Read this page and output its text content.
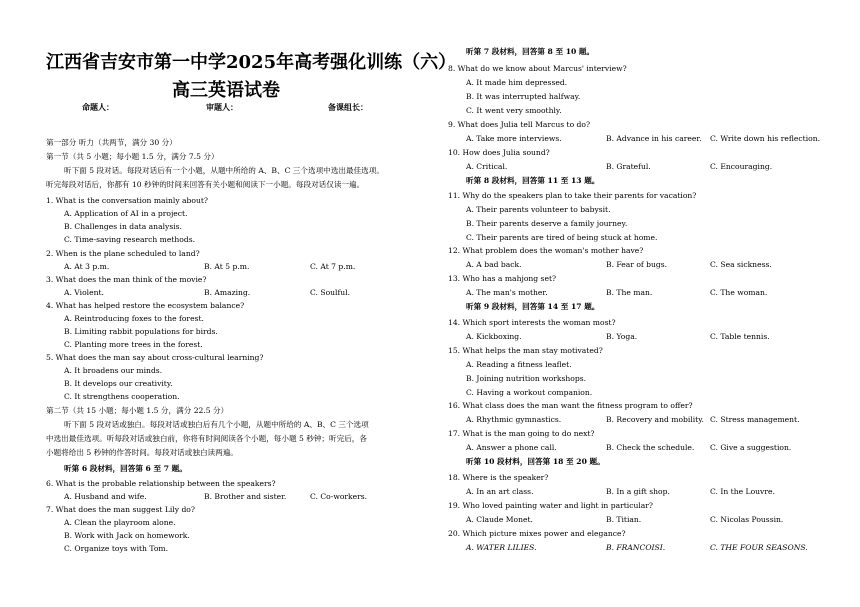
江西省吉安市第一中学2025年高考强化训练（六）
高三英语试卷
命题人：	审题人：	备课组长：
第一部分 听力（共两节，满分 30 分）
第一节（共 5 小题；每小题 1.5 分，满分 7.5 分）
听下面 5 段对话。每段对话后有一个小题，从题中所给的 A、B、C 三个选项中选出最佳选项。
听完每段对话后，你都有 10 秒钟的时间来回答有关小题和阅读下一小题。每段对话仅读一遍。
1. What is the conversation mainly about?
A. Application of AI in a project.
B. Challenges in data analysis.
C. Time-saving research methods.
2. When is the plane scheduled to land?
A. At 3 p.m.	B. At 5 p.m.	C. At 7 p.m.
3. What does the man think of the movie?
A. Violent.	B. Amazing.	C. Soulful.
4. What has helped restore the ecosystem balance?
A. Reintroducing foxes to the forest.
B. Limiting rabbit populations for birds.
C. Planting more trees in the forest.
5. What does the man say about cross-cultural learning?
A. It broadens our minds.
B. It develops our creativity.
C. It strengthens cooperation.
第二节（共 15 小题；每小题 1.5 分，满分 22.5 分）
听下面 5 段对话或独白。每段对话或独白后有几个小题，从题中所给的 A、B、C 三个选项
中选出最佳选项。听每段对话或独白前，你将有时间阅读各个小题，每小题 5 秒钟；听完后，各
小题将给出 5 秒钟的作答时间。每段对话或独白读两遍。
听第 6 段材料，回答第 6 至 7 题。
6. What is the probable relationship between the speakers?
A. Husband and wife.	B. Brother and sister.	C. Co-workers.
7. What does the man suggest Lily do?
A. Clean the playroom alone.
B. Work with Jack on homework.
C. Organize toys with Tom.
听第 7 段材料，回答第 8 至 10 题。
8. What do we know about Marcus' interview?
A. It made him depressed.
B. It was interrupted halfway.
C. It went very smoothly.
9. What does Julia tell Marcus to do?
A. Take more interviews.	B. Advance in his career. C. Write down his reflection.
10. How does Julia sound?
A. Critical.	B. Grateful.	C. Encouraging.
听第 8 段材料，回答第 11 至 13 题。
11. Why do the speakers plan to take their parents for vacation?
A. Their parents volunteer to babysit.
B. Their parents deserve a family journey.
C. Their parents are tired of being stuck at home.
12. What problem does the woman's mother have?
A. A bad back.	B. Fear of bugs.	C. Sea sickness.
13. Who has a mahjong set?
A. The man's mother.	B. The man.	C. The woman.
听第 9 段材料，回答第 14 至 17 题。
14. Which sport interests the woman most?
A. Kickboxing.	B. Yoga.	C. Table tennis.
15. What helps the man stay motivated?
A. Reading a fitness leaflet.
B. Joining nutrition workshops.
C. Having a workout companion.
16. What class does the man want the fitness program to offer?
A. Rhythmic gymnastics.	B. Recovery and mobility. C. Stress management.
17. What is the man going to do next?
A. Answer a phone call.	B. Check the schedule. C. Give a suggestion.
听第 10 段材料，回答第 18 至 20 题。
18. Where is the speaker?
A. In an art class.	B. In a gift shop.	C. In the Louvre.
19. Who loved painting water and light in particular?
A. Claude Monet.	B. Titian.	C. Nicolas Poussin.
20. Which picture mixes power and elegance?
A. WATER LILIES.	B. FRANCOISI.	C. THE FOUR SEASONS.
